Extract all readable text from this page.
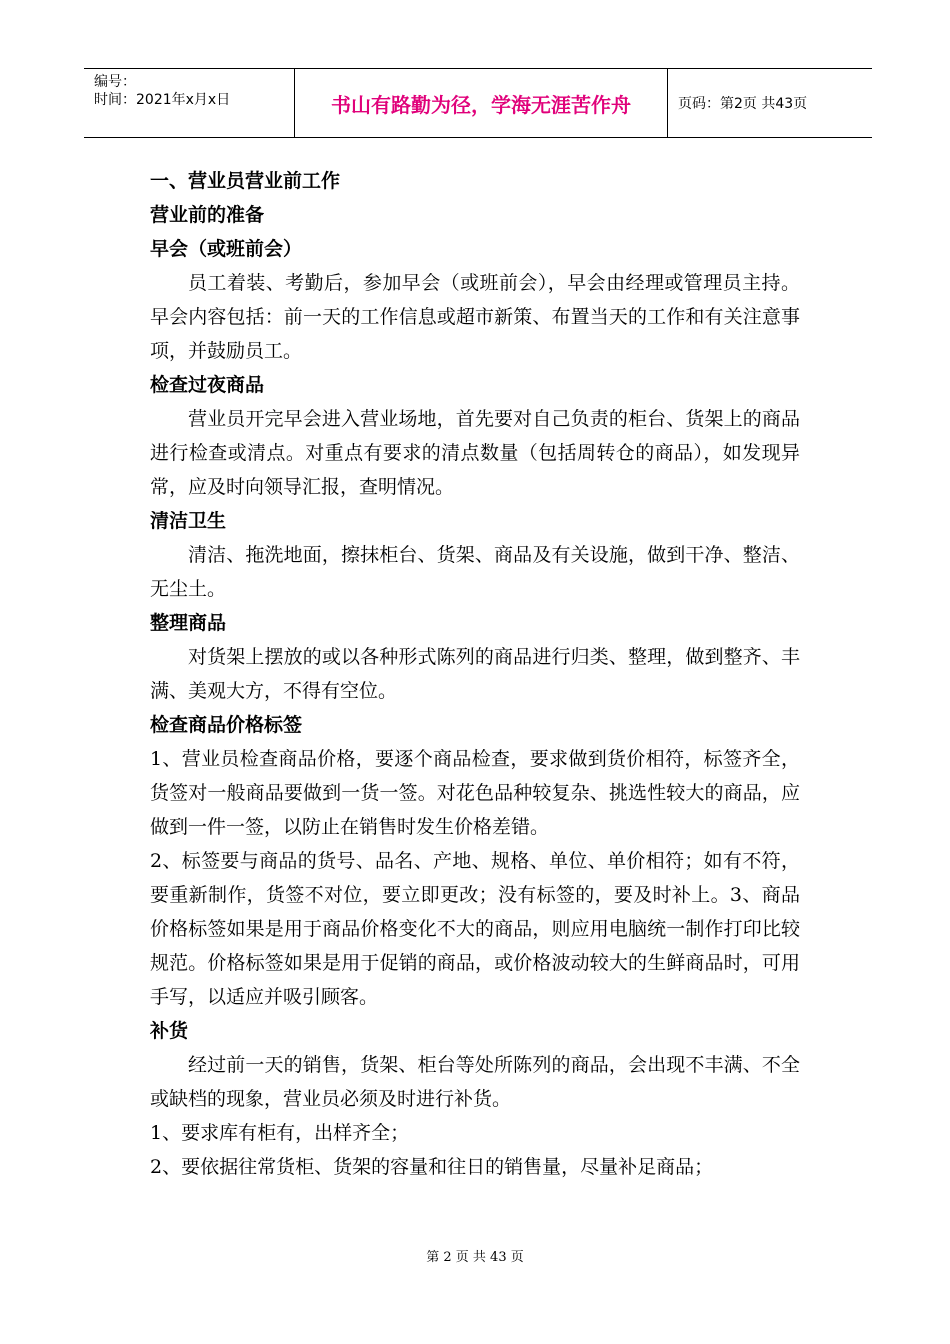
编号：
时间：2021年x月x日	书山有路勤为径，学海无涯苦作舟	页码：第2页 共43页

一、营业员营业前工作

营业前的准备

早会（或班前会）

员工着装、考勤后，参加早会（或班前会），早会由经理或管理员主持。早会内容包括：前一天的工作信息或超市新策、布置当天的工作和有关注意事项，并鼓励员工。

检查过夜商品

营业员开完早会进入营业场地，首先要对自己负责的柜台、货架上的商品进行检查或清点。对重点有要求的清点数量（包括周转仓的商品），如发现异常，应及时向领导汇报，查明情况。

清洁卫生

清洁、拖洗地面，擦抹柜台、货架、商品及有关设施，做到干净、整洁、无尘土。

整理商品

对货架上摆放的或以各种形式陈列的商品进行归类、整理，做到整齐、丰满、美观大方，不得有空位。

检查商品价格标签

1、营业员检查商品价格，要逐个商品检查，要求做到货价相符，标签齐全，货签对一般商品要做到一货一签。对花色品种较复杂、挑选性较大的商品，应做到一件一签，以防止在销售时发生价格差错。

2、标签要与商品的货号、品名、产地、规格、单位、单价相符；如有不符，要重新制作，货签不对位，要立即更改；没有标签的，要及时补上。3、商品价格标签如果是用于商品价格变化不大的商品，则应用电脑统一制作打印比较规范。价格标签如果是用于促销的商品，或价格波动较大的生鲜商品时，可用手写，以适应并吸引顾客。

补货

经过前一天的销售，货架、柜台等处所陈列的商品，会出现不丰满、不全或缺档的现象，营业员必须及时进行补货。

1、要求库有柜有，出样齐全；

2、要依据往常货柜、货架的容量和往日的销售量，尽量补足商品；

第 2 页 共 43 页
